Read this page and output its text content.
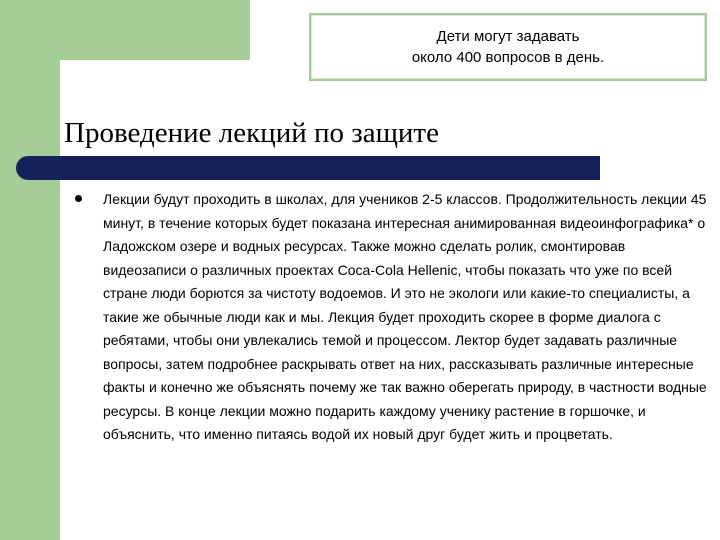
Дети могут задавать
около 400 вопросов в день.
Проведение лекций по защите

Лекции будут проходить в школах, для учеников 2-5 классов. Продолжительность лекции 45 минут, в течение которых будет показана интересная анимированная видеоинфографика* о Ладожском озере и водных ресурсах. Также можно сделать ролик, смонтировав видеозаписи о различных проектах Coca-Cola Hellenic, чтобы показать что уже по всей стране люди борются за чистоту водоемов. И это не экологи или какие-то специалисты, а такие же обычные люди как и мы. Лекция будет проходить скорее в форме диалога с ребятами, чтобы они увлекались темой и процессом. Лектор будет задавать различные вопросы, затем подробнее раскрывать ответ на них, рассказывать различные интересные факты и конечно же объяснять почему же так важно оберегать природу, в частности водные ресурсы. В конце лекции можно подарить каждому ученику растение в горшочке, и объяснить, что именно питаясь водой их новый друг будет жить и процветать.
